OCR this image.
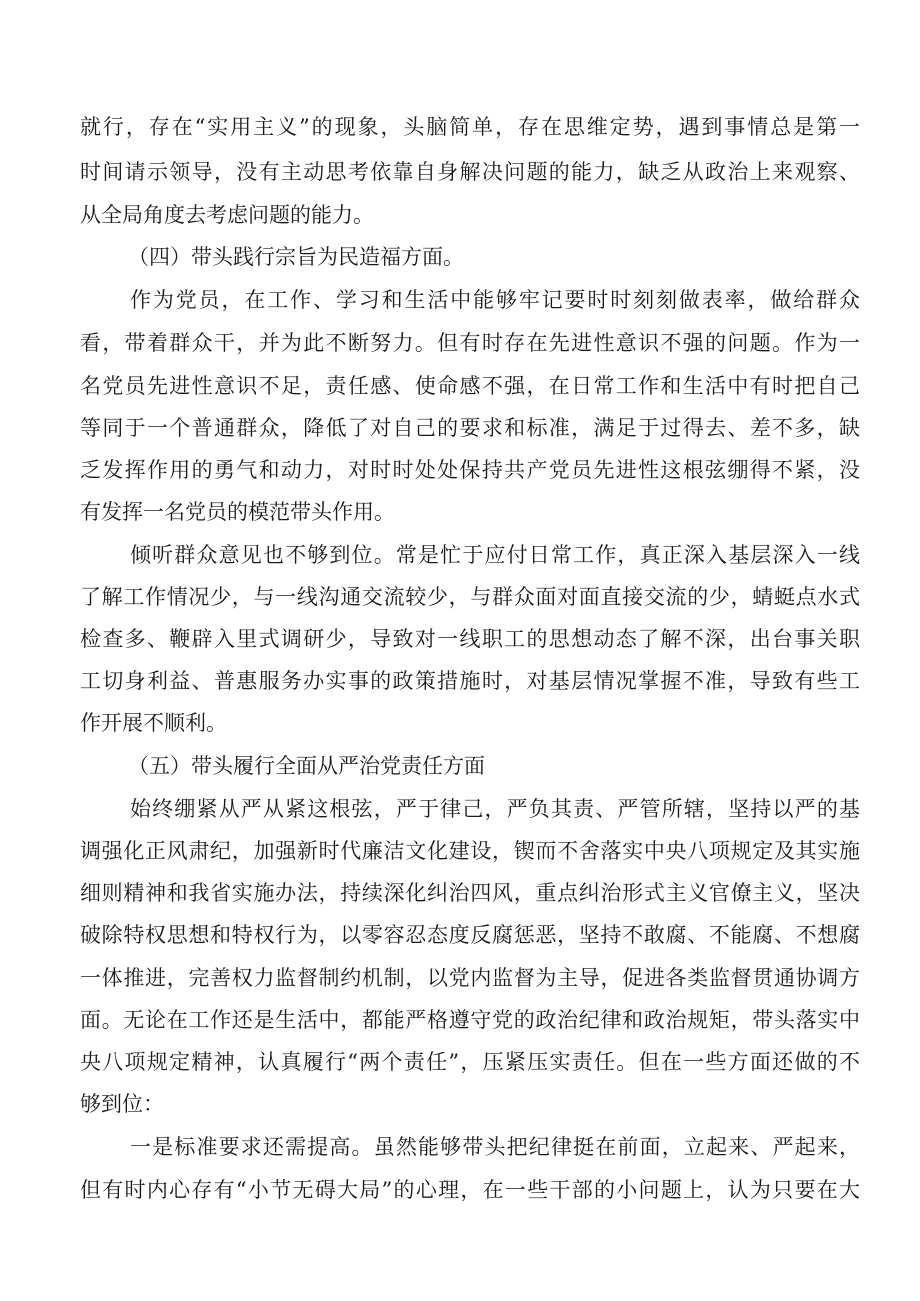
就行，存在“实用主义”的现象，头脑简单，存在思维定势，遇到事情总是第一
时间请示领导，没有主动思考依靠自身解决问题的能力，缺乏从政治上来观察、
从全局角度去考虑问题的能力。
（四）带头践行宗旨为民造福方面。
作为党员，在工作、学习和生活中能够牢记要时时刻刻做表率，做给群众
看，带着群众干，并为此不断努力。但有时存在先进性意识不强的问题。作为一
名党员先进性意识不足，责任感、使命感不强，在日常工作和生活中有时把自己
等同于一个普通群众，降低了对自己的要求和标准，满足于过得去、差不多，缺
乏发挥作用的勇气和动力，对时时处处保持共产党员先进性这根弦绷得不紧，没
有发挥一名党员的模范带头作用。
倾听群众意见也不够到位。常是忙于应付日常工作，真正深入基层深入一线
了解工作情况少，与一线沟通交流较少，与群众面对面直接交流的少，蜻蜓点水式
检查多、鞭辟入里式调研少，导致对一线职工的思想动态了解不深，出台事关职
工切身利益、普惠服务办实事的政策措施时，对基层情况掌握不准，导致有些工
作开展不顺利。
（五）带头履行全面从严治党责任方面
始终绷紧从严从紧这根弦，严于律己，严负其责、严管所辖，坚持以严的基
调强化正风肃纪，加强新时代廉洁文化建设，锲而不舍落实中央八项规定及其实施
细则精神和我省实施办法，持续深化纠治四风，重点纠治形式主义官僚主义，坚决
破除特权思想和特权行为，以零容忍态度反腐惩恶，坚持不敢腐、不能腐、不想腐
一体推进，完善权力监督制约机制，以党内监督为主导，促进各类监督贯通协调方
面。无论在工作还是生活中，都能严格遵守党的政治纪律和政治规矩，带头落实中
央八项规定精神，认真履行“两个责任”，压紧压实责任。但在一些方面还做的不
够到位：
一是标准要求还需提高。虽然能够带头把纪律挺在前面，立起来、严起来，
但有时内心存有“小节无碍大局”的心理，在一些干部的小问题上，认为只要在大
